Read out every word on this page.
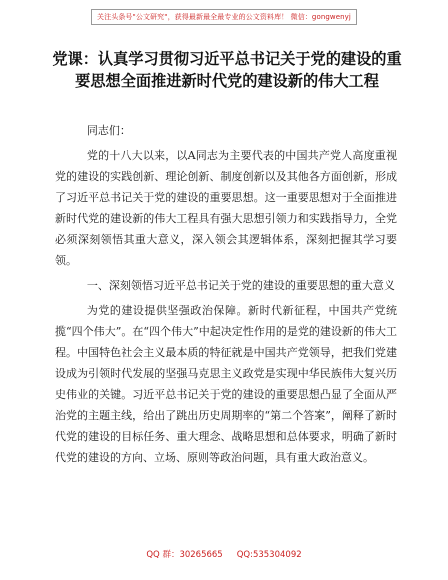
关注头条号"公文研究"，获得最新最全最专业的公文资料库！ 微信：gongwenyj
党课：认真学习贯彻习近平总书记关于党的建设的重要思想全面推进新时代党的建设新的伟大工程

同志们：

党的十八大以来，以A同志为主要代表的中国共产党人高度重视党的建设的实践创新、理论创新、制度创新以及其他各方面创新，形成了习近平总书记关于党的建设的重要思想。这一重要思想对于全面推进新时代党的建设新的伟大工程具有强大思想引领力和实践指导力，全党必须深刻领悟其重大意义，深入领会其逻辑体系，深刻把握其学习要领。

一、深刻领悟习近平总书记关于党的建设的重要思想的重大意义

为党的建设提供坚强政治保障。新时代新征程，中国共产党统揽“四个伟大”。在“四个伟大”中起决定性作用的是党的建设新的伟大工程。中国特色社会主义最本质的特征就是中国共产党领导，把我们党建设成为引领时代发展的坚强马克思主义政党是实现中华民族伟大复兴历史伟业的关键。习近平总书记关于党的建设的重要思想凸显了全面从严治党的主题主线，给出了跳出历史周期率的“第二个答案”，阐释了新时代党的建设的目标任务、重大理念、战略思想和总体要求，明确了新时代党的建设的方向、立场、原则等政治问题，具有重大政治意义。

QQ 群：30265665 QQ:535304092
